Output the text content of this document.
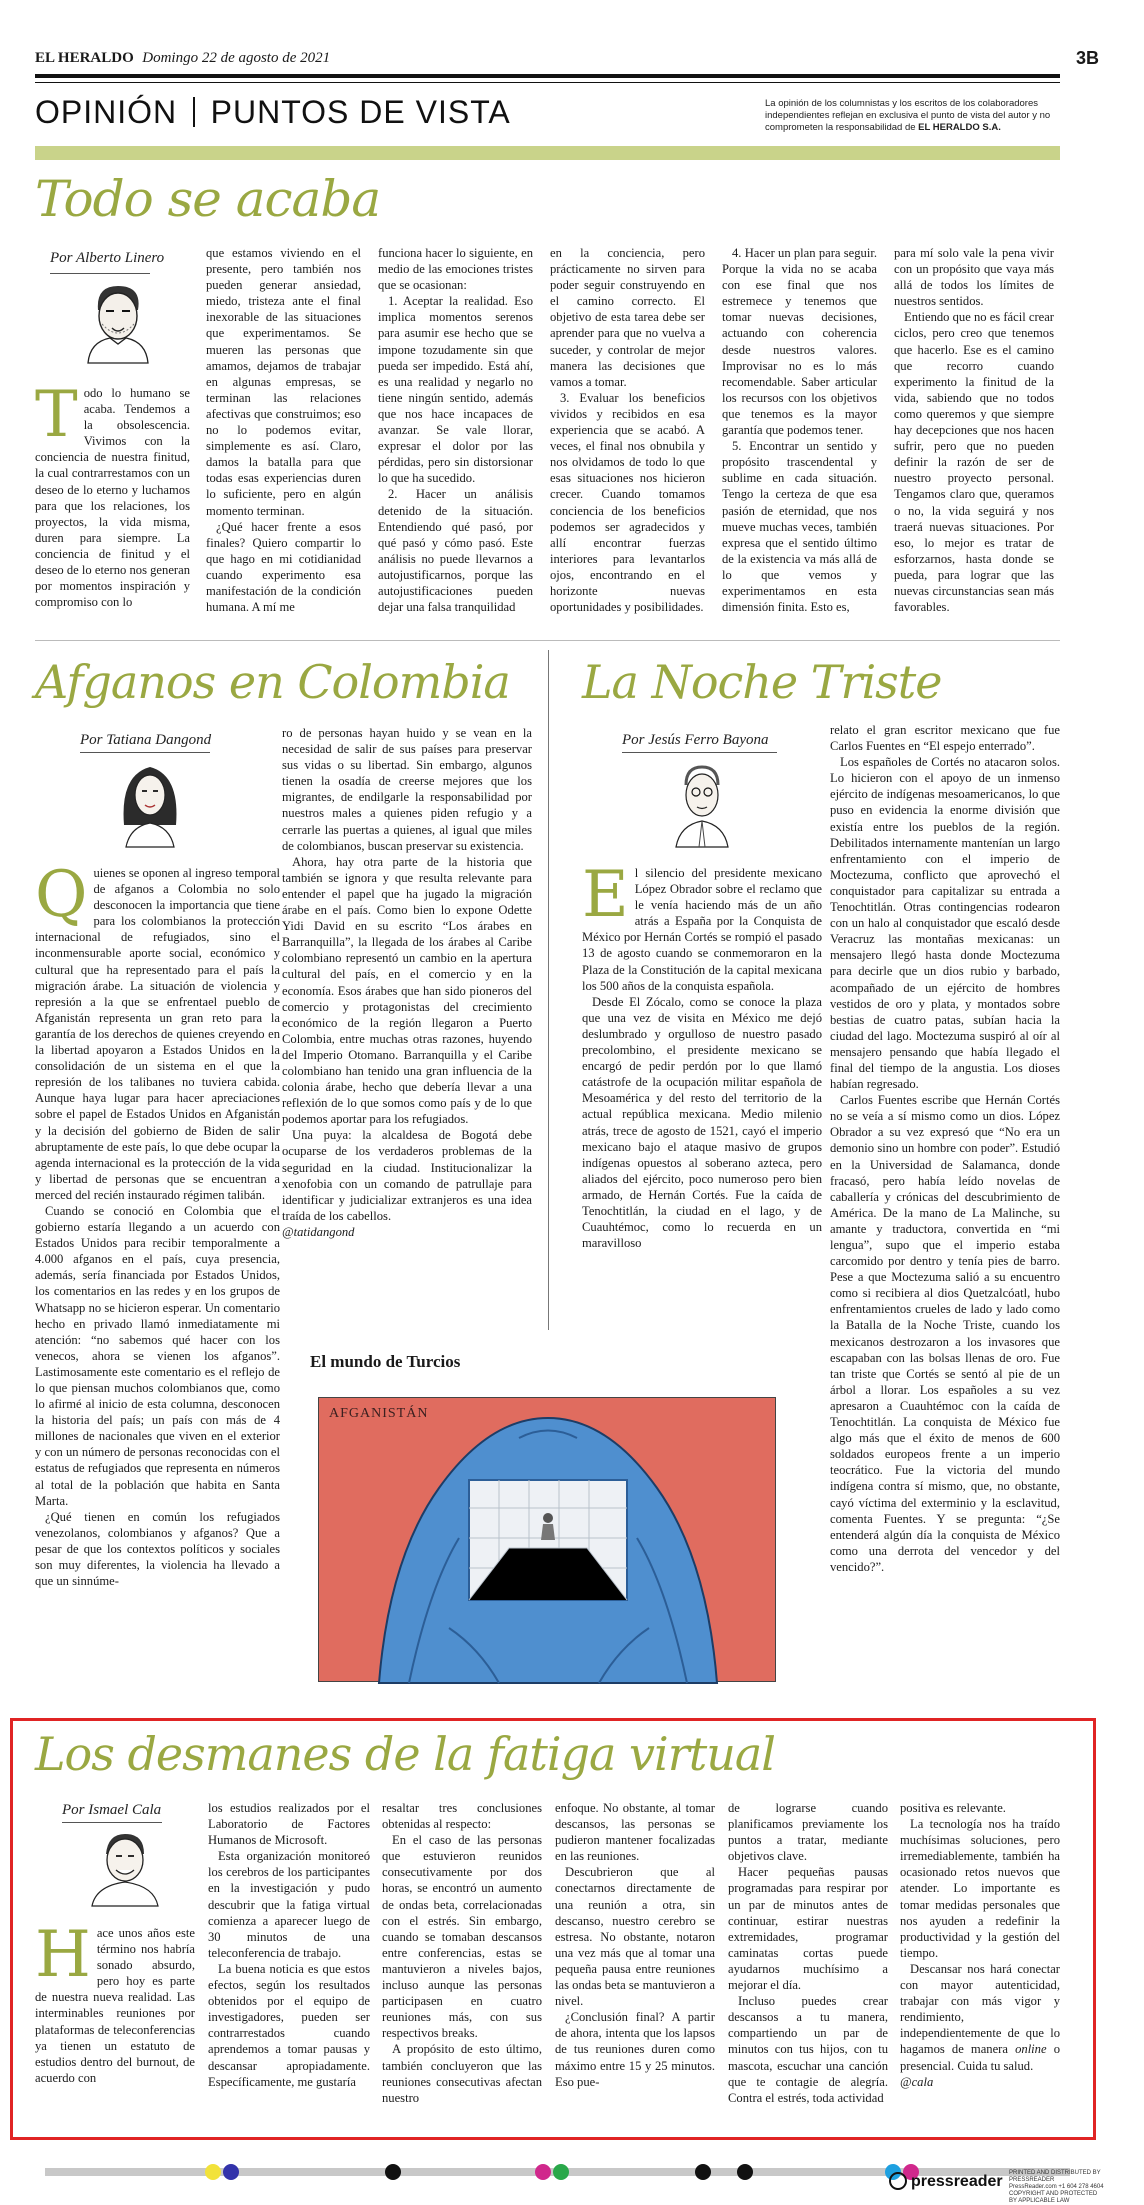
EL HERALDO Domingo 22 de agosto de 2021	3B
OPINIÓN PUNTOS DE VISTA	La opinión de los columnistas y los escritos de los colaboradores independientes reflejan en exclusiva el punto de vista del autor y no comprometen la responsabilidad de EL HERALDO S.A.
Todo se acaba
Por Alberto Linero
T odo lo humano se acaba. Tendemos a la obsolescencia. Vivimos con la conciencia de nuestra finitud, la cual contrarrestamos con un deseo de lo eterno y luchamos para que los relaciones, los proyectos, la vida misma, duren para siempre. La conciencia de finitud y el deseo de lo eterno nos generan por momentos inspiración y compromiso con lo

que estamos viviendo en el presente, pero también nos pueden generar ansiedad, miedo, tristeza ante el final inexorable de las situaciones que experimentamos. Se mueren las personas que amamos, dejamos de trabajar en algunas empresas, se terminan las relaciones afectivas que construimos; eso no lo podemos evitar, simplemente es así. Claro, damos la batalla para que todas esas experiencias duren lo suficiente, pero en algún momento terminan.

¿Qué hacer frente a esos finales? Quiero compartir lo que hago en mi cotidianidad cuando experimento esa manifestación de la condición humana. A mí me

funciona hacer lo siguiente, en medio de las emociones tristes que se ocasionan:

1. Aceptar la realidad. Eso implica momentos serenos para asumir ese hecho que se impone tozudamente sin que pueda ser impedido. Está ahí, es una realidad y negarlo no tiene ningún sentido, además que nos hace incapaces de avanzar. Se vale llorar, expresar el dolor por las pérdidas, pero sin distorsionar lo que ha sucedido.

2. Hacer un análisis detenido de la situación. Entendiendo qué pasó, por qué pasó y cómo pasó. Este análisis no puede llevarnos a autojustificarnos, porque las autojustificaciones pueden dejar una falsa tranquilidad

en la conciencia, pero prácticamente no sirven para poder seguir construyendo en el camino correcto. El objetivo de esta tarea debe ser aprender para que no vuelva a suceder, y controlar de mejor manera las decisiones que vamos a tomar.

3. Evaluar los beneficios vividos y recibidos en esa experiencia que se acabó. A veces, el final nos obnubila y nos olvidamos de todo lo que esas situaciones nos hicieron crecer. Cuando tomamos conciencia de los beneficios podemos ser agradecidos y allí encontrar fuerzas interiores para levantarlos ojos, encontrando en el horizonte nuevas oportunidades y posibilidades.

4. Hacer un plan para seguir. Porque la vida no se acaba con ese final que nos estremece y tenemos que tomar nuevas decisiones, actuando con coherencia desde nuestros valores. Improvisar no es lo más recomendable. Saber articular los recursos con los objetivos que tenemos es la mayor garantía que podemos tener.

5. Encontrar un sentido y propósito trascendental y sublime en cada situación. Tengo la certeza de que esa pasión de eternidad, que nos mueve muchas veces, también expresa que el sentido último de la existencia va más allá de lo que vemos y experimentamos en esta dimensión finita. Esto es,

para mí solo vale la pena vivir con un propósito que vaya más allá de todos los límites de nuestros sentidos.

Entiendo que no es fácil crear ciclos, pero creo que tenemos que hacerlo. Ese es el camino que recorro cuando experimento la finitud de la vida, sabiendo que no todos como queremos y que siempre hay decepciones que nos hacen sufrir, pero que no pueden definir la razón de ser de nuestro proyecto personal. Tengamos claro que, queramos o no, la vida seguirá y nos traerá nuevas situaciones. Por eso, lo mejor es tratar de esforzarnos, hasta donde se pueda, para lograr que las nuevas circunstancias sean más favorables.

Afganos en Colombia
Por Tatiana Dangond
Q uienes se oponen al ingreso temporal de afganos a Colombia no solo desconocen la importancia que tiene para los colombianos la protección internacional de refugiados, sino el inconmensurable aporte social, económico y cultural que ha representado para el país la migración árabe. La situación de violencia y represión a la que se enfrentael pueblo de Afganistán representa un gran reto para la garantía de los derechos de quienes creyendo en la libertad apoyaron a Estados Unidos en la consolidación de un sistema en el que la represión de los talibanes no tuviera cabida. Aunque haya lugar para hacer apreciaciones sobre el papel de Estados Unidos en Afganistán y la decisión del gobierno de Biden de salir abruptamente de este país, lo que debe ocupar la agenda internacional es la protección de la vida y libertad de personas que se encuentran a merced del recién instaurado régimen talibán.

Cuando se conoció en Colombia que el gobierno estaría llegando a un acuerdo con Estados Unidos para recibir temporalmente a 4.000 afganos en el país, cuya presencia, además, sería financiada por Estados Unidos, los comentarios en las redes y en los grupos de Whatsapp no se hicieron esperar. Un comentario hecho en privado llamó inmediatamente mi atención: “no sabemos qué hacer con los venecos, ahora se vienen los afganos”. Lastimosamente este comentario es el reflejo de lo que piensan muchos colombianos que, como lo afirmé al inicio de esta columna, desconocen la historia del país; un país con más de 4 millones de nacionales que viven en el exterior y con un número de personas reconocidas con el estatus de refugiados que representa en números al total de la población que habita en Santa Marta.

¿Qué tienen en común los refugiados venezolanos, colombianos y afganos? Que a pesar de que los contextos políticos y sociales son muy diferentes, la violencia ha llevado a que un sinnúme-

ro de personas hayan huido y se vean en la necesidad de salir de sus países para preservar sus vidas o su libertad. Sin embargo, algunos tienen la osadía de creerse mejores que los migrantes, de endilgarle la responsabilidad por nuestros males a quienes piden refugio y a cerrarle las puertas a quienes, al igual que miles de colombianos, buscan preservar su existencia.

Ahora, hay otra parte de la historia que también se ignora y que resulta relevante para entender el papel que ha jugado la migración árabe en el país. Como bien lo expone Odette Yidi David en su escrito “Los árabes en Barranquilla”, la llegada de los árabes al Caribe colombiano representó un cambio en la apertura cultural del país, en el comercio y en la economía. Esos árabes que han sido pioneros del comercio y protagonistas del crecimiento económico de la región llegaron a Puerto Colombia, entre muchas otras razones, huyendo del Imperio Otomano. Barranquilla y el Caribe colombiano han tenido una gran influencia de la colonia árabe, hecho que debería llevar a una reflexión de lo que somos como país y de lo que podemos aportar para los refugiados.

Una puya: la alcaldesa de Bogotá debe ocuparse de los verdaderos problemas de la seguridad en la ciudad. Institucionalizar la xenofobia con un comando de patrullaje para identificar y judicializar extranjeros es una idea traída de los cabellos.

@tatidangond

La Noche Triste
Por Jesús Ferro Bayona
E l silencio del presidente mexicano López Obrador sobre el reclamo que le venía haciendo más de un año atrás a España por la Conquista de México por Hernán Cortés se rompió el pasado 13 de agosto cuando se conmemoraron en la Plaza de la Constitución de la capital mexicana los 500 años de la conquista española.

Desde El Zócalo, como se conoce la plaza que una vez de visita en México me dejó deslumbrado y orgulloso de nuestro pasado precolombino, el presidente mexicano se encargó de pedir perdón por lo que llamó catástrofe de la ocupación militar española de Mesoamérica y del resto del territorio de la actual república mexicana. Medio milenio atrás, trece de agosto de 1521, cayó el imperio mexicano bajo el ataque masivo de grupos indígenas opuestos al soberano azteca, pero aliados del ejército, poco numeroso pero bien armado, de Hernán Cortés. Fue la caída de Tenochtitlán, la ciudad en el lago, y de Cuauhtémoc, como lo recuerda en un maravilloso

relato el gran escritor mexicano que fue Carlos Fuentes en “El espejo enterrado”.

Los españoles de Cortés no atacaron solos. Lo hicieron con el apoyo de un inmenso ejército de indígenas mesoamericanos, lo que puso en evidencia la enorme división que existía entre los pueblos de la región. Debilitados internamente mantenían un largo enfrentamiento con el imperio de Moctezuma, conflicto que aprovechó el conquistador para capitalizar su entrada a Tenochtitlán. Otras contingencias rodearon con un halo al conquistador que escaló desde Veracruz las montañas mexicanas: un mensajero llegó hasta donde Moctezuma para decirle que un dios rubio y barbado, acompañado de un ejército de hombres vestidos de oro y plata, y montados sobre bestias de cuatro patas, subían hacia la ciudad del lago. Moctezuma suspiró al oír al mensajero pensando que había llegado el final del tiempo de la angustia. Los dioses habían regresado.

Carlos Fuentes escribe que Hernán Cortés no se veía a sí mismo como un dios. López Obrador a su vez expresó que “No era un demonio sino un hombre con poder”. Estudió en la Universidad de Salamanca, donde fracasó, pero había leído novelas de caballería y crónicas del descubrimiento de América. De la mano de La Malinche, su amante y traductora, convertida en “mi lengua”, supo que el imperio estaba carcomido por dentro y tenía pies de barro. Pese a que Moctezuma salió a su encuentro como si recibiera al dios Quetzalcóatl, hubo enfrentamientos crueles de lado y lado como la Batalla de la Noche Triste, cuando los mexicanos destrozaron a los invasores que escapaban con las bolsas llenas de oro. Fue tan triste que Cortés se sentó al pie de un árbol a llorar. Los españoles a su vez apresaron a Cuauhtémoc con la caída de Tenochtitlán. La conquista de México fue algo más que el éxito de menos de 600 soldados europeos frente a un imperio teocrático. Fue la victoria del mundo indígena contra sí mismo, que, no obstante, cayó víctima del exterminio y la esclavitud, comenta Fuentes. Y se pregunta: “¿Se entenderá algún día la conquista de México como una derrota del vencedor y del vencido?”.

El mundo de Turcios
AFGANISTÁN
Los desmanes de la fatiga virtual
Por Ismael Cala
H ace unos años este término nos habría sonado absurdo, pero hoy es parte de nuestra nueva realidad. Las interminables reuniones por plataformas de teleconferencias ya tienen un estatuto de estudios dentro del burnout, de acuerdo con

los estudios realizados por el Laboratorio de Factores Humanos de Microsoft.

Esta organización monitoreó los cerebros de los participantes en la investigación y pudo descubrir que la fatiga virtual comienza a aparecer luego de 30 minutos de una teleconferencia de trabajo.

La buena noticia es que estos efectos, según los resultados obtenidos por el equipo de investigadores, pueden ser contrarrestados cuando aprendemos a tomar pausas y descansar apropiadamente. Específicamente, me gustaría

resaltar tres conclusiones obtenidas al respecto:

En el caso de las personas que estuvieron reunidos consecutivamente por dos horas, se encontró un aumento de ondas beta, correlacionadas con el estrés. Sin embargo, cuando se tomaban descansos entre conferencias, estas se mantuvieron a niveles bajos, incluso aunque las personas participasen en cuatro reuniones más, con sus respectivos breaks.

A propósito de esto último, también concluyeron que las reuniones consecutivas afectan nuestro

enfoque. No obstante, al tomar descansos, las personas se pudieron mantener focalizadas en las reuniones.

Descubrieron que al conectarnos directamente de una reunión a otra, sin descanso, nuestro cerebro se estresa. No obstante, notaron una vez más que al tomar una pequeña pausa entre reuniones las ondas beta se mantuvieron a nivel.

¿Conclusión final? A partir de ahora, intenta que los lapsos de tus reuniones duren como máximo entre 15 y 25 minutos. Eso pue-

de lograrse cuando planificamos previamente los puntos a tratar, mediante objetivos clave.

Hacer pequeñas pausas programadas para respirar por un par de minutos antes de continuar, estirar nuestras extremidades, programar caminatas cortas puede ayudarnos muchísimo a mejorar el día.

Incluso puedes crear descansos a tu manera, compartiendo un par de minutos con tus hijos, con tu mascota, escuchar una canción que te contagie de alegría. Contra el estrés, toda actividad

positiva es relevante.

La tecnología nos ha traído muchísimas soluciones, pero irremediablemente, también ha ocasionado retos nuevos que atender. Lo importante es tomar medidas personales que nos ayuden a redefinir la productividad y la gestión del tiempo.

Descansar nos hará conectar con mayor autenticidad, trabajar con más vigor y rendimiento, independientemente de que lo hagamos de manera online o presencial. Cuida tu salud.

@cala

pressreader PRINTED AND DISTRIBUTED BY PRESSREADER
PressReader.com +1 604 278 4604
COPYRIGHT AND PROTECTED BY APPLICABLE LAW
